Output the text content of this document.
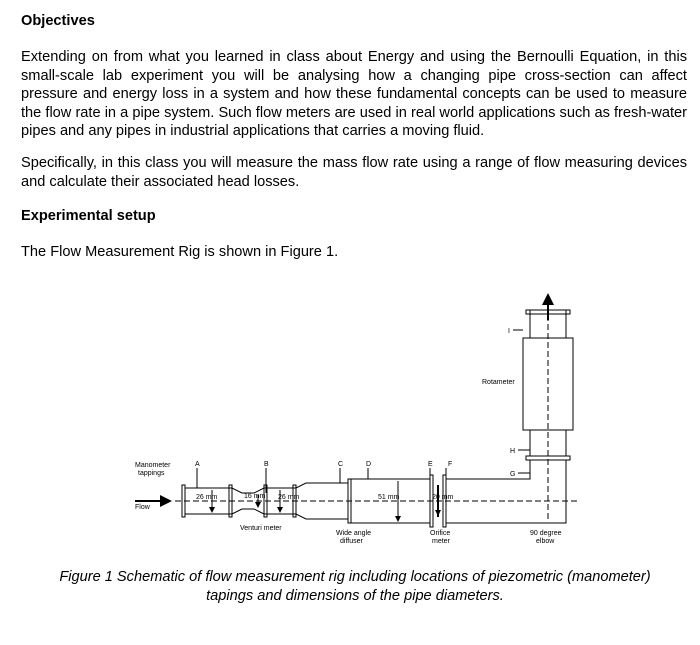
Objectives

Extending on from what you learned in class about Energy and using the Bernoulli Equation, in this small-scale lab experiment you will be analysing how a changing pipe cross-section can affect pressure and energy loss in a system and how these fundamental concepts can be used to measure the flow rate in a pipe system. Such flow meters are used in real world applications such as fresh-water pipes and any pipes in industrial applications that carries a moving fluid.

Specifically, in this class you will measure the mass flow rate using a range of flow measuring devices and calculate their associated head losses.

Experimental setup

The Flow Measurement Rig is shown in Figure 1.

Manometer
tappings
Flow
A	B	C	D	E F
G
H
I
26 mm	16 mm 26 mm	51 mm	20 mm
Venturi meter
Wide angle
diffuser
Orifice
meter
90 degree
elbow
Rotameter
Figure 1 Schematic of flow measurement rig including locations of piezometric (manometer)
tapings and dimensions of the pipe diameters.
